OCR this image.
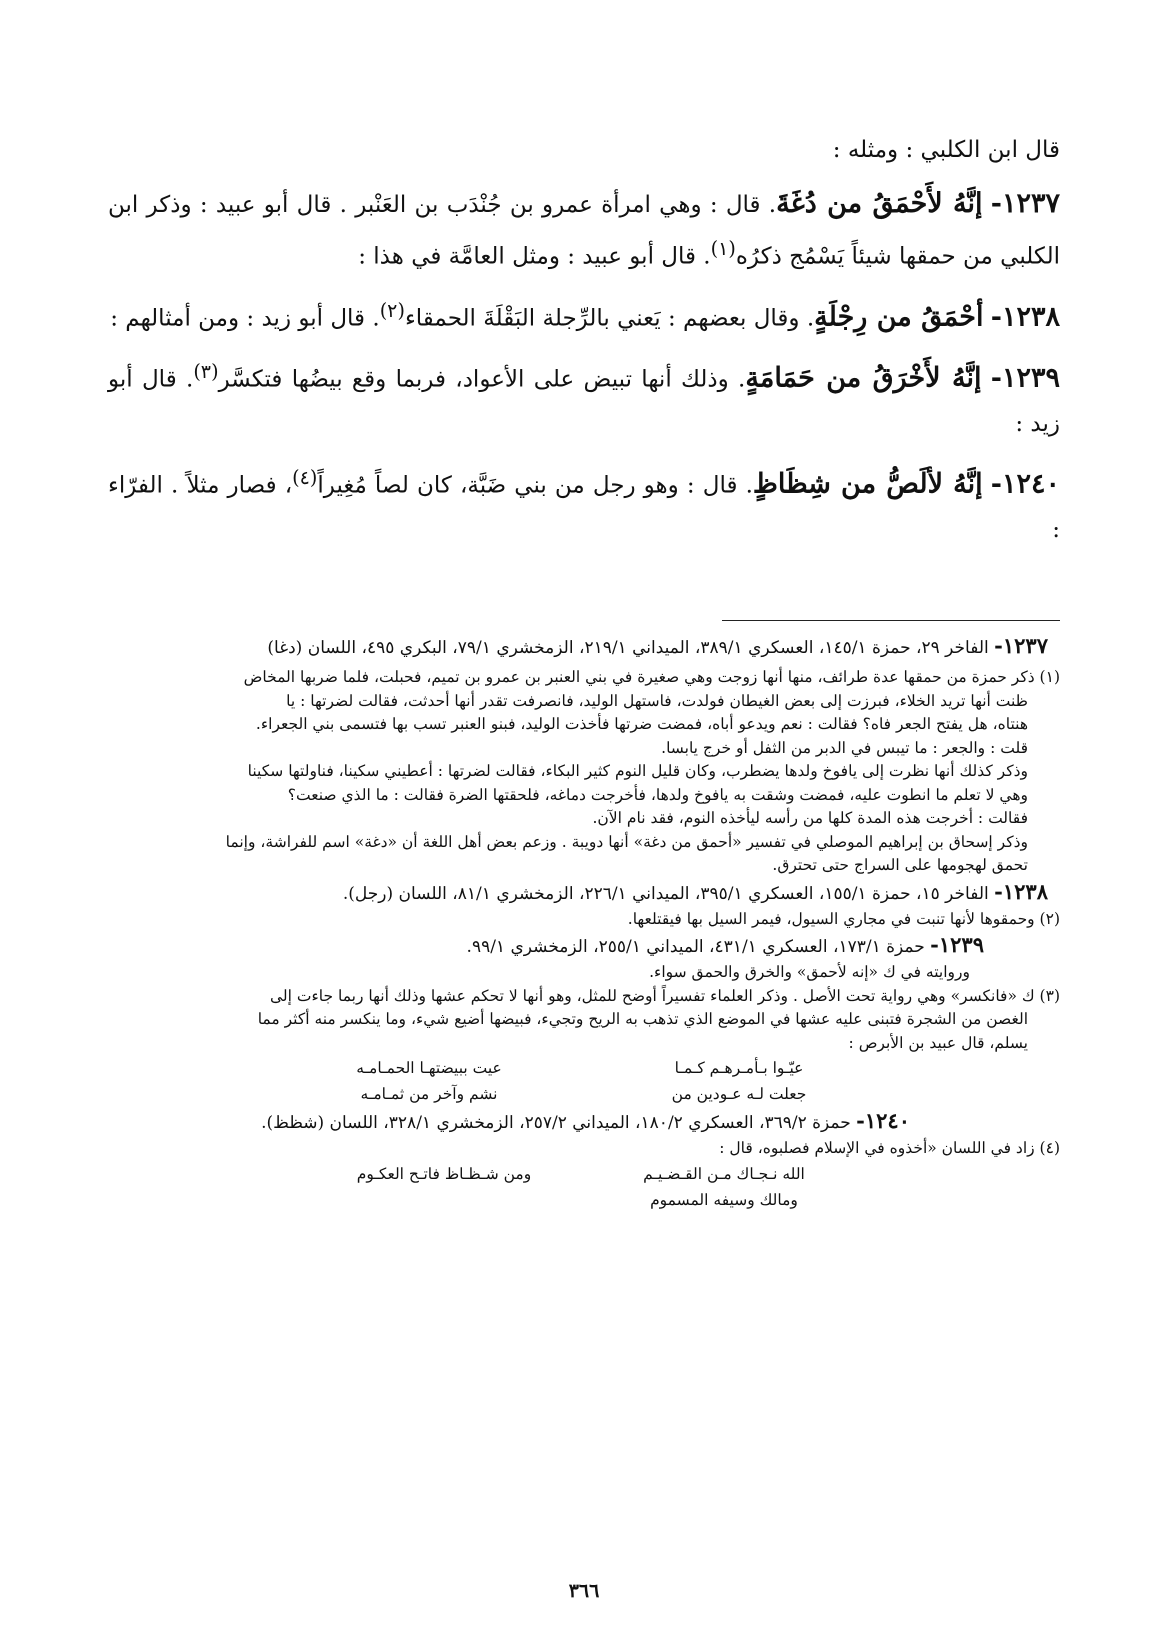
قال ابن الكلبي : ومثله :

١٢٣٧- إنَّهُ لأَحْمَقُ من دُغَةَ. قال : وهي امرأة عمرو بن جُنْدَب بن العَنْبر . قال أبو عبيد : وذكر ابن الكلبي من حمقها شيئاً يَسْمُج ذكرُه$^{(١)}$. قال أبو عبيد : ومثل العامَّة في هذا :

١٢٣٨- أحْمَقُ من رِجْلَةٍ. وقال بعضهم : يَعني بالرِّجلة البَقْلَةَ الحمقاء$^{(٢)}$. قال أبو زيد : ومن أمثالهم :

١٢٣٩- إنَّهُ لأَخْرَقُ من حَمَامَةٍ. وذلك أنها تبيض على الأعواد، فربما وقع بيضُها فتكسَّر$^{(٣)}$. قال أبو زيد :

١٢٤٠- إنَّهُ لألَصُّ من شِظَاظٍ. قال : وهو رجل من بني ضَبَّة، كان لصاً مُغِيراً$^{(٤)}$، فصار مثلاً . الفرّاء :

١٢٣٧- الفاخر ٢٩، حمزة ١٤٥/١، العسكري ٣٨٩/١، الميداني ٢١٩/١، الزمخشري ٧٩/١، البكري ٤٩٥، اللسان (دغا)

(١) ذكر حمزة من حمقها عدة طرائف، منها أنها زوجت وهي صغيرة في بني العنبر بن عمرو بن تميم، فحبلت، فلما ضربها المخاض

ظنت أنها تريد الخلاء، فبرزت إلى بعض الغيطان فولدت، فاستهل الوليد، فانصرفت تقدر أنها أحدثت، فقالت لضرتها : يا

هنتاه، هل يفتح الجعر فاه؟ فقالت : نعم ويدعو أباه، فمضت ضرتها فأخذت الوليد، فبنو العنبر تسب بها فتسمى بني الجعراء.

قلت : والجعر : ما تيبس في الدبر من الثفل أو خرج يابسا.

وذكر كذلك أنها نظرت إلى يافوخ ولدها يضطرب، وكان قليل النوم كثير البكاء، فقالت لضرتها : أعطيني سكينا، فناولتها سكينا

وهي لا تعلم ما انطوت عليه، فمضت وشقت به يافوخ ولدها، فأخرجت دماغه، فلحقتها الضرة فقالت : ما الذي صنعت؟

فقالت : أخرجت هذه المدة كلها من رأسه ليأخذه النوم، فقد نام الآن.

وذكر إسحاق بن إبراهيم الموصلي في تفسير «أحمق من دغة» أنها دويبة . وزعم بعض أهل اللغة أن «دغة» اسم للفراشة، وإنما

تحمق لهجومها على السراج حتى تحترق.

١٢٣٨- الفاخر ١٥، حمزة ١٥٥/١، العسكري ٣٩٥/١، الميداني ٢٢٦/١، الزمخشري ٨١/١، اللسان (رجل).

(٢) وحمقوها لأنها تنبت في مجاري السيول، فيمر السيل بها فيقتلعها.

١٢٣٩- حمزة ١٧٣/١، العسكري ٤٣١/١، الميداني ٢٥٥/١، الزمخشري ٩٩/١.

وروايته في ك «إنه لأحمق» والخرق والحمق سواء.

(٣) ك «فانكسر» وهي رواية تحت الأصل . وذكر العلماء تفسيراً أوضح للمثل، وهو أنها لا تحكم عشها وذلك أنها ربما جاءت إلى

الغصن من الشجرة فتبنى عليه عشها في الموضع الذي تذهب به الريح وتجيء، فبيضها أضيع شيء، وما ينكسر منه أكثر مما

يسلم، قال عبيد بن الأبرص :

عيّـوا بـأمـرهـم كـمـا
عيت ببيضتهـا الحمـامـه
جعلت لـه عـودين من
نشم وآخر من ثمـامـه

١٢٤٠- حمزة ٣٦٩/٢، العسكري ١٨٠/٢، الميداني ٢٥٧/٢، الزمخشري ٣٢٨/١، اللسان (شظظ).

(٤) زاد في اللسان «أخذوه في الإسلام فصلبوه، قال :

الله نـجـاك مـن القـضـيـم
ومن شـظـاظ فاتـح العكـوم
ومالك وسيفه المسموم
٣٦٦
